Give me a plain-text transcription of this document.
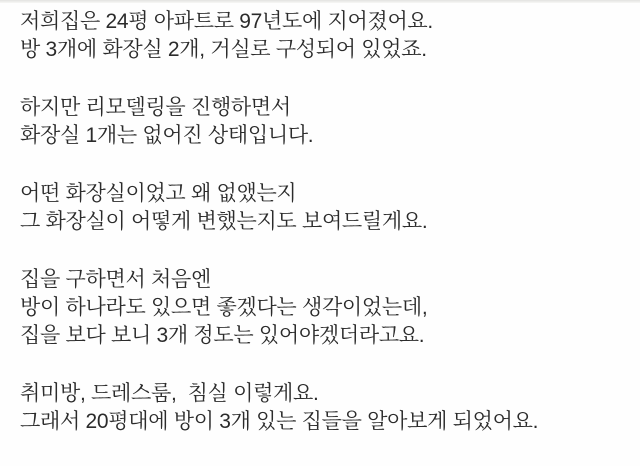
저희집은 24평 아파트로 97년도에 지어졌어요.
방 3개에 화장실 2개, 거실로 구성되어 있었죠.
하지만 리모델링을 진행하면서
화장실 1개는 없어진 상태입니다.
어떤 화장실이었고 왜 없앴는지
그 화장실이 어떻게 변했는지도 보여드릴게요.
집을 구하면서 처음엔
방이 하나라도 있으면 좋겠다는 생각이었는데,
집을 보다 보니 3개 정도는 있어야겠더라고요.
취미방, 드레스룸,  침실 이렇게요.
그래서 20평대에 방이 3개 있는 집들을 알아보게 되었어요.
